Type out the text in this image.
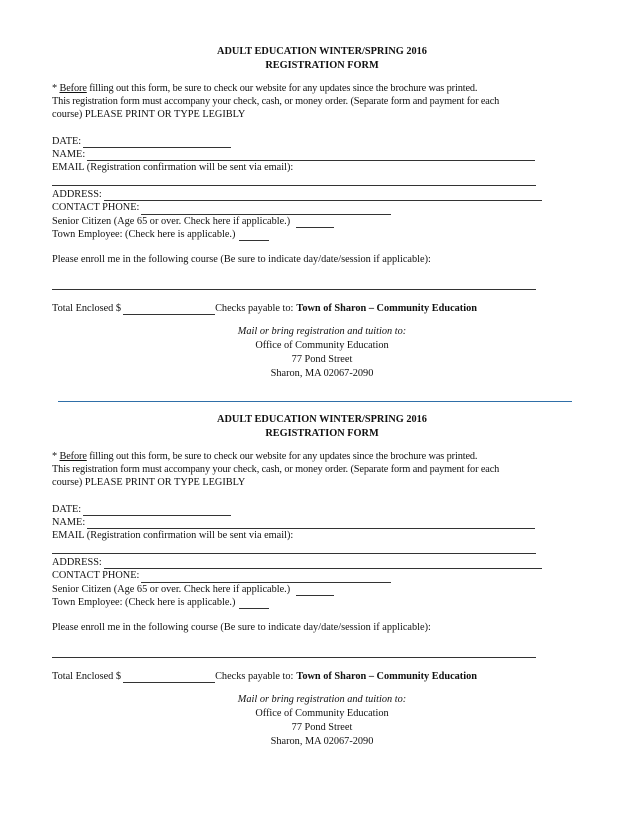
ADULT EDUCATION WINTER/SPRING 2016
REGISTRATION FORM
* Before filling out this form, be sure to check our website for any updates since the brochure was printed.
This registration form must accompany your check, cash, or money order. (Separate form and payment for each
course) PLEASE PRINT OR TYPE LEGIBLY
DATE:
NAME:
EMAIL (Registration confirmation will be sent via email):
ADDRESS:
CONTACT PHONE:
Senior Citizen (Age 65 or over. Check here if applicable.)
Town Employee: (Check here is applicable.)
Please enroll me in the following course (Be sure to indicate day/date/session if applicable):
Total Enclosed $	Checks payable to: Town of Sharon – Community Education
Mail or bring registration and tuition to:
Office of Community Education
77 Pond Street
Sharon, MA 02067-2090
ADULT EDUCATION WINTER/SPRING 2016
REGISTRATION FORM
* Before filling out this form, be sure to check our website for any updates since the brochure was printed.
This registration form must accompany your check, cash, or money order. (Separate form and payment for each
course) PLEASE PRINT OR TYPE LEGIBLY
DATE:
NAME:
EMAIL (Registration confirmation will be sent via email):
ADDRESS:
CONTACT PHONE:
Senior Citizen (Age 65 or over. Check here if applicable.)
Town Employee: (Check here is applicable.)
Please enroll me in the following course (Be sure to indicate day/date/session if applicable):
Total Enclosed $	Checks payable to: Town of Sharon – Community Education
Mail or bring registration and tuition to:
Office of Community Education
77 Pond Street
Sharon, MA 02067-2090
